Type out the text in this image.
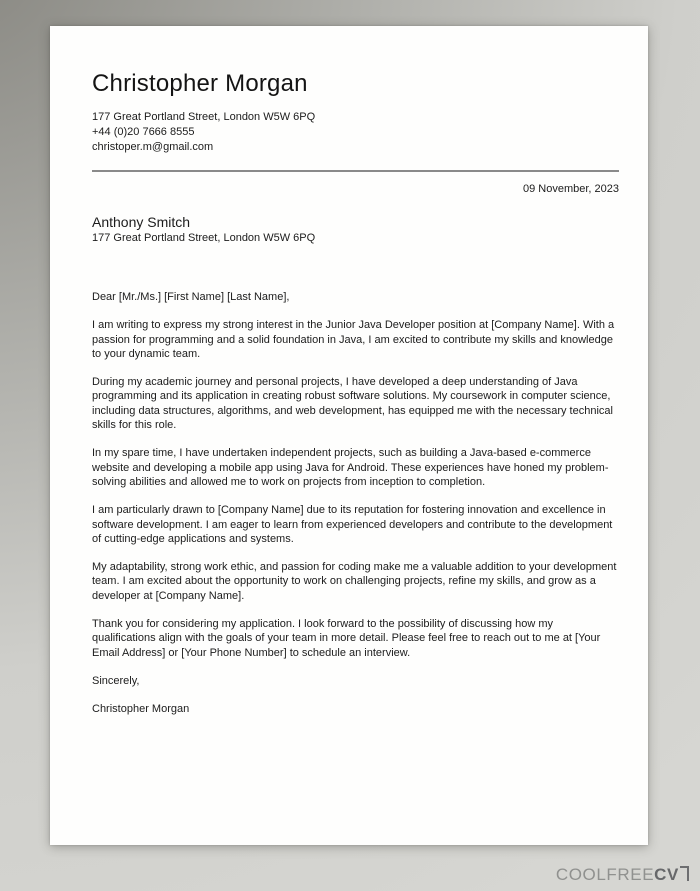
Christopher Morgan
177 Great Portland Street, London W5W 6PQ
+44 (0)20 7666 8555
christoper.m@gmail.com
09 November, 2023
Anthony Smitch
177 Great Portland Street, London W5W 6PQ

Dear [Mr./Ms.] [First Name] [Last Name],

I am writing to express my strong interest in the Junior Java Developer position at [Company Name]. With a passion for programming and a solid foundation in Java, I am excited to contribute my skills and knowledge to your dynamic team.

During my academic journey and personal projects, I have developed a deep understanding of Java programming and its application in creating robust software solutions. My coursework in computer science, including data structures, algorithms, and web development, has equipped me with the necessary technical skills for this role.

In my spare time, I have undertaken independent projects, such as building a Java-based e-commerce website and developing a mobile app using Java for Android. These experiences have honed my problem-solving abilities and allowed me to work on projects from inception to completion.

I am particularly drawn to [Company Name] due to its reputation for fostering innovation and excellence in software development. I am eager to learn from experienced developers and contribute to the development of cutting-edge applications and systems.

My adaptability, strong work ethic, and passion for coding make me a valuable addition to your development team. I am excited about the opportunity to work on challenging projects, refine my skills, and grow as a developer at [Company Name].

Thank you for considering my application. I look forward to the possibility of discussing how my qualifications align with the goals of your team in more detail. Please feel free to reach out to me at [Your Email Address] or [Your Phone Number] to schedule an interview.

Sincerely,

Christopher Morgan

COOLFREECV
